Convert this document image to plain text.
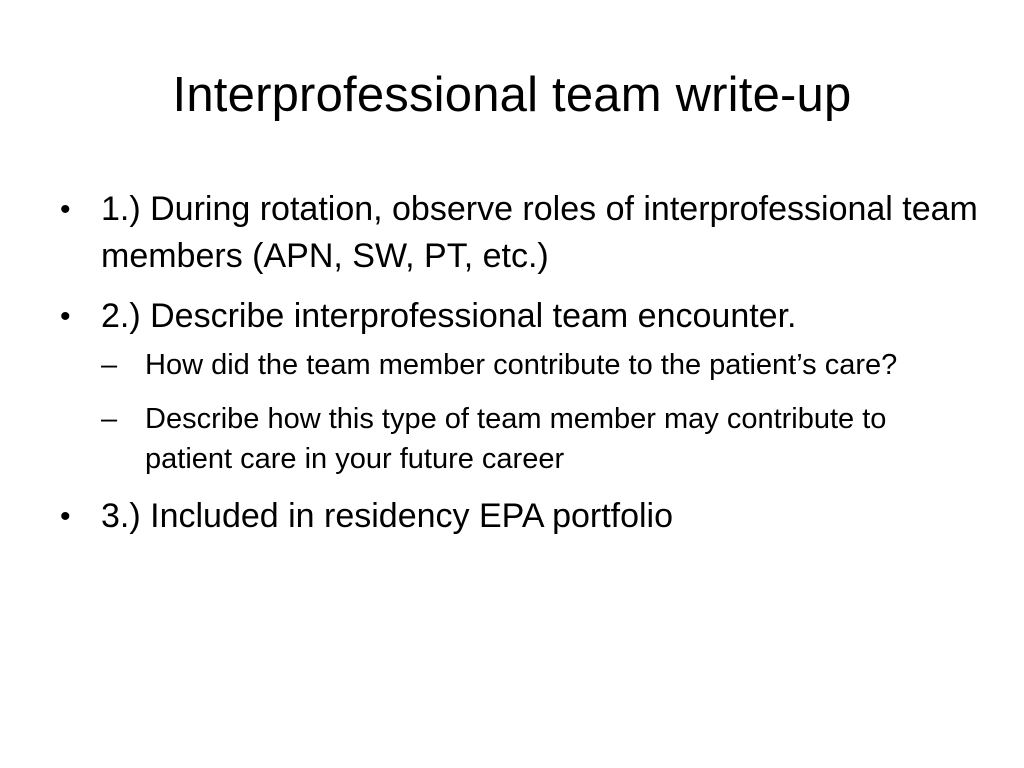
Interprofessional team write-up
• 1.) During rotation, observe roles of interprofessional team members (APN, SW, PT, etc.)
• 2.) Describe interprofessional team encounter.
– How did the team member contribute to the patient’s care?
– Describe how this type of team member may contribute to patient care in your future career
• 3.) Included in residency EPA portfolio
